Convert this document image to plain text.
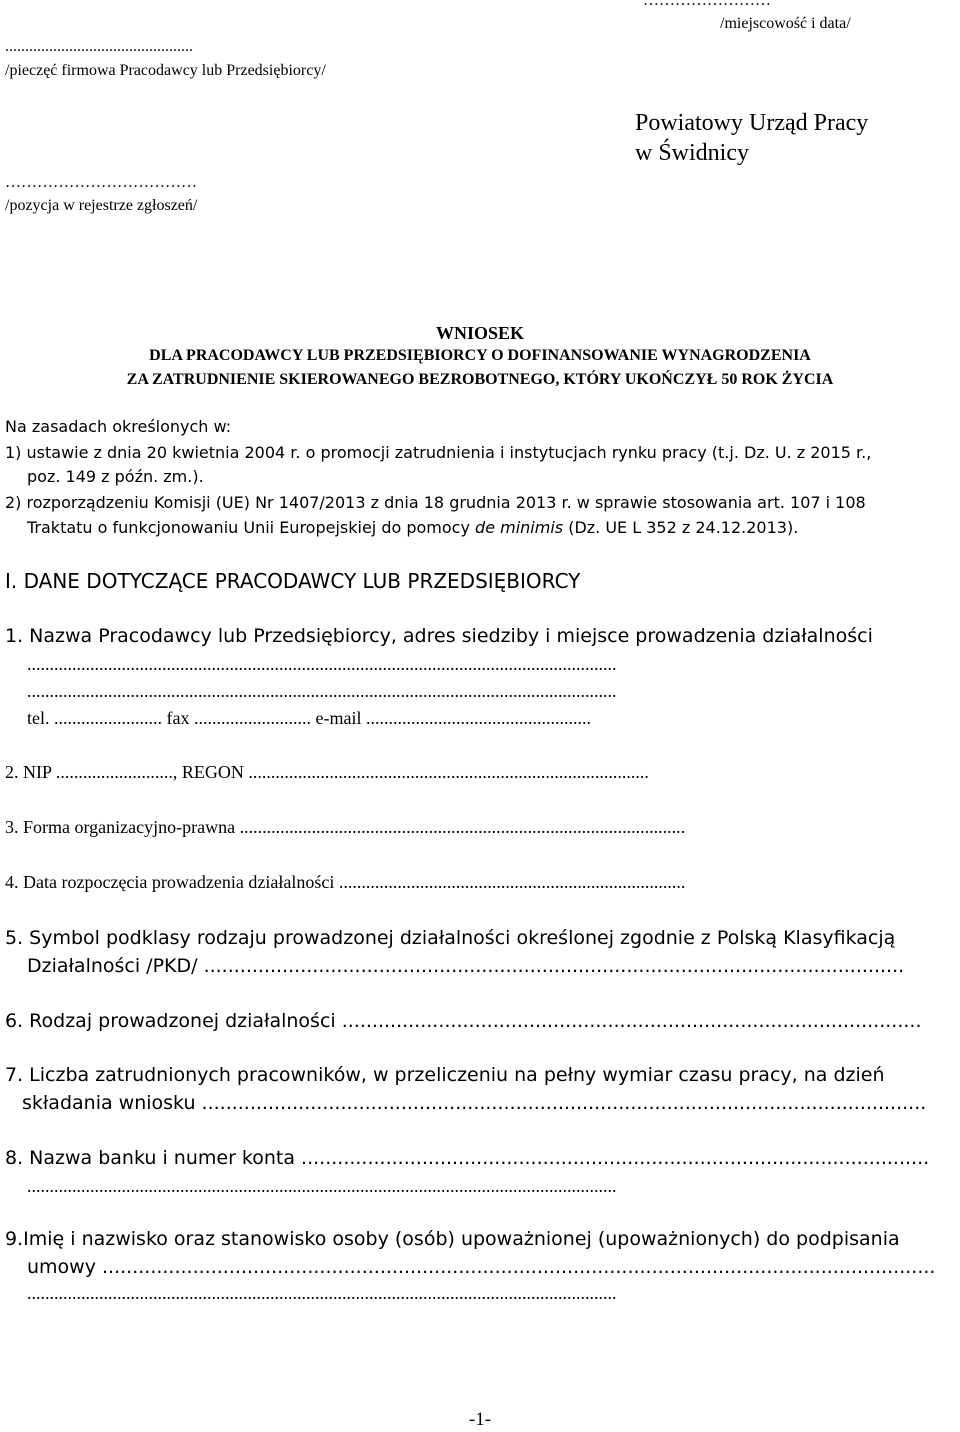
……………………
/miejscowość i data/
...............................................
/pieczęć firmowa Pracodawcy lub Przedsiębiorcy/
Powiatowy Urząd Pracy
w Świdnicy
………………………………
/pozycja w rejestrze zgłoszeń/
WNIOSEK
DLA PRACODAWCY LUB PRZEDSIĘBIORCY O DOFINANSOWANIE WYNAGRODZENIA
ZA ZATRUDNIENIE SKIEROWANEGO BEZROBOTNEGO, KTÓRY UKOŃCZYŁ 50 ROK ŻYCIA
Na zasadach określonych w:
1) ustawie z dnia 20 kwietnia 2004 r. o promocji zatrudnienia i instytucjach rynku pracy (t.j. Dz. U. z 2015 r.,
poz. 149 z późn. zm.).
2) rozporządzeniu Komisji (UE) Nr 1407/2013 z dnia 18 grudnia 2013 r. w sprawie stosowania art. 107 i 108
Traktatu o funkcjonowaniu Unii Europejskiej do pomocy de minimis (Dz. UE L 352 z 24.12.2013).
I. DANE DOTYCZĄCE PRACODAWCY LUB PRZEDSIĘBIORCY
1. Nazwa Pracodawcy lub Przedsiębiorcy, adres siedziby i miejsce prowadzenia działalności
...................................................................................................................................
...................................................................................................................................
tel. ........................ fax .......................... e-mail ..................................................
2. NIP .........................., REGON .........................................................................................
3. Forma organizacyjno-prawna ...................................................................................................
4. Data rozpoczęcia prowadzenia działalności .............................................................................
5. Symbol podklasy rodzaju prowadzonej działalności określonej zgodnie z Polską Klasyfikacją
Działalności /PKD/ ....................................................................................................................
6. Rodzaj prowadzonej działalności ................................................................................................
7. Liczba zatrudnionych pracowników, w przeliczeniu na pełny wymiar czasu pracy, na dzień
składania wniosku ........................................................................................................................
8. Nazwa banku i numer konta ........................................................................................................
...................................................................................................................................
9.Imię i nazwisko oraz stanowisko osoby (osób) upoważnionej (upoważnionych) do podpisania
umowy ..........................................................................................................................................
...................................................................................................................................
-1-
